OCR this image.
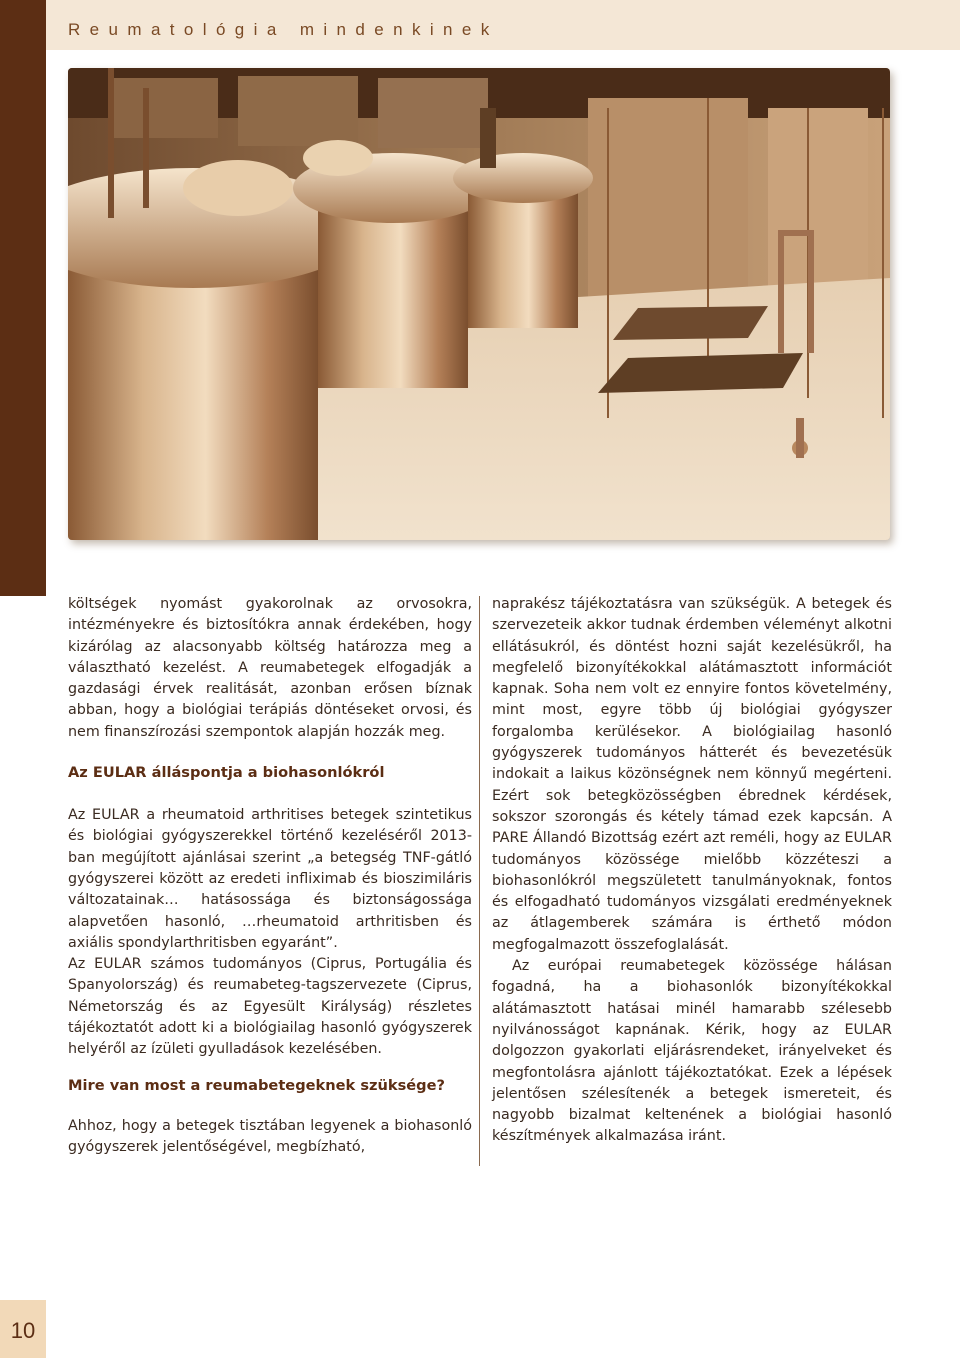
Reumatológia mindenkinek

költségek nyomást gyakorolnak az orvosokra, intézményekre és biztosítókra annak érdekében, hogy kizárólag az alacsonyabb költség határozza meg a választható kezelést. A reumabetegek elfogadják a gazdasági érvek realitását, azonban erősen bíznak abban, hogy a biológiai terápiás döntéseket orvosi, és nem finanszírozási szempontok alapján hozzák meg.

Az EULAR álláspontja a biohasonlókról

Az EULAR a rheumatoid arthritises betegek szintetikus és biológiai gyógyszerekkel történő kezeléséről 2013-ban megújított ajánlásai szerint „a betegség TNF-gátló gyógyszerei között az eredeti infliximab és bioszimiláris változatainak… hatásossága és biztonságossága alapvetően hasonló, …rheumatoid arthritisben és axiális spondylarthritisben egyaránt”.

Az EULAR számos tudományos (Ciprus, Portugália és Spanyolország) és reumabeteg-tagszervezete (Ciprus, Németország és az Egyesült Királyság) részletes tájékoztatót adott ki a biológiailag hasonló gyógyszerek helyéről az ízületi gyulladások kezelésében.

Mire van most a reumabetegeknek szüksége?

Ahhoz, hogy a betegek tisztában legyenek a biohasonló gyógyszerek jelentőségével, megbízható,

naprakész tájékoztatásra van szükségük. A betegek és szervezeteik akkor tudnak érdemben véleményt alkotni ellátásukról, és döntést hozni saját kezelésükről, ha megfelelő bizonyítékokkal alátámasztott információt kapnak. Soha nem volt ez ennyire fontos követelmény, mint most, egyre több új biológiai gyógyszer forgalomba kerülésekor. A biológiailag hasonló gyógyszerek tudományos hátterét és bevezetésük indokait a laikus közönségnek nem könnyű megérteni. Ezért sok betegközösségben ébrednek kérdések, sokszor szorongás és kétely támad ezek kapcsán. A PARE Állandó Bizottság ezért azt reméli, hogy az EULAR tudományos közössége mielőbb közzéteszi a biohasonlókról megszületett tanulmányoknak, fontos és elfogadható tudományos vizsgálati eredményeknek az átlagemberek számára is érthető módon megfogalmazott összefoglalását.

Az európai reumabetegek közössége hálásan fogadná, ha a biohasonlók bizonyítékokkal alátámasztott hatásai minél hamarabb szélesebb nyilvánosságot kapnának. Kérik, hogy az EULAR dolgozzon gyakorlati eljárásrendeket, irányelveket és megfontolásra ajánlott tájékoztatókat. Ezek a lépések jelentősen szélesítenék a betegek ismereteit, és nagyobb bizalmat keltenének a biológiai hasonló készítmények alkalmazása iránt.

10
